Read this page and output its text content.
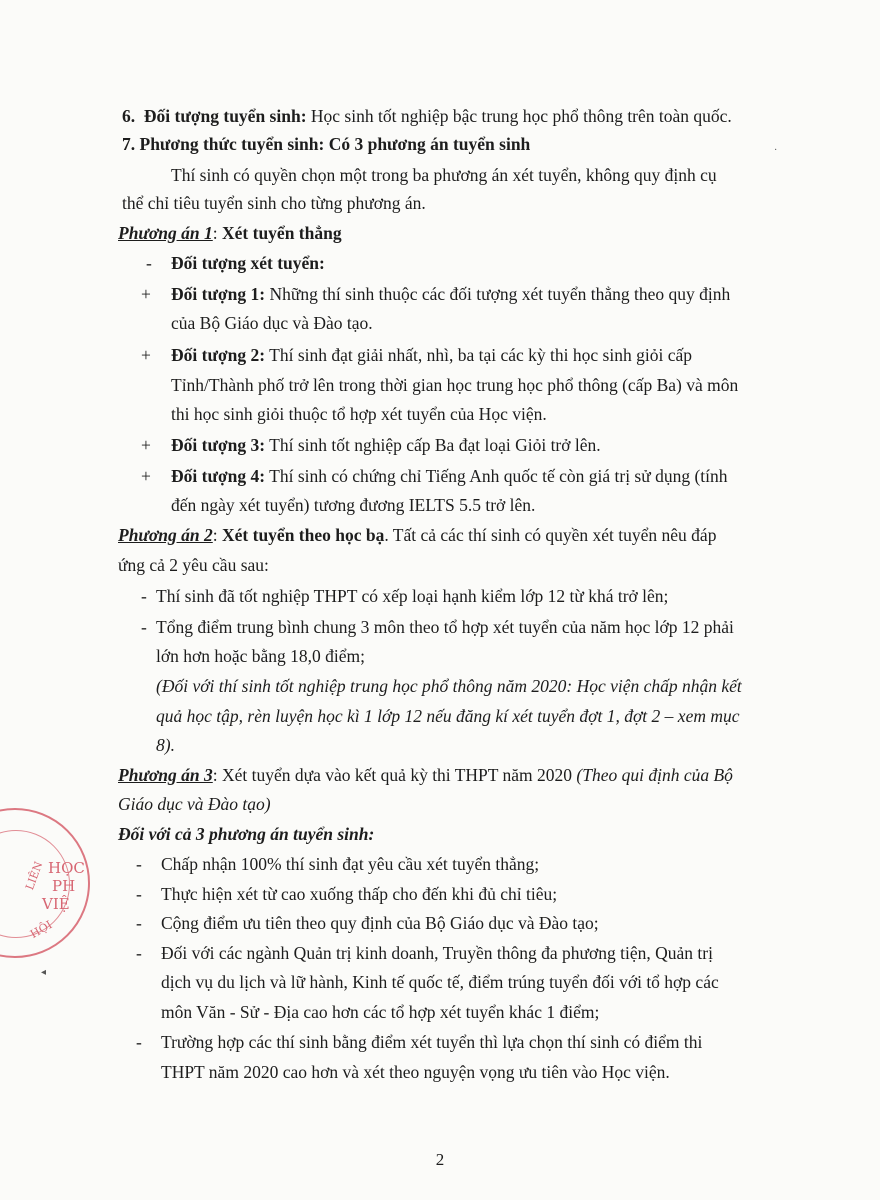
6. Đối tượng tuyển sinh: Học sinh tốt nghiệp bậc trung học phổ thông trên toàn quốc.
7. Phương thức tuyển sinh: Có 3 phương án tuyển sinh
Thí sinh có quyền chọn một trong ba phương án xét tuyển, không quy định cụ
thể chỉ tiêu tuyển sinh cho từng phương án.
Phương án 1: Xét tuyển thẳng
- Đối tượng xét tuyển:
+ Đối tượng 1: Những thí sinh thuộc các đối tượng xét tuyển thẳng theo quy định
của Bộ Giáo dục và Đào tạo.
+ Đối tượng 2: Thí sinh đạt giải nhất, nhì, ba tại các kỳ thi học sinh giỏi cấp
Tỉnh/Thành phố trở lên trong thời gian học trung học phổ thông (cấp Ba) và môn
thi học sinh giỏi thuộc tổ hợp xét tuyển của Học viện.
+ Đối tượng 3: Thí sinh tốt nghiệp cấp Ba đạt loại Giỏi trở lên.
+ Đối tượng 4: Thí sinh có chứng chỉ Tiếng Anh quốc tế còn giá trị sử dụng (tính
đến ngày xét tuyển) tương đương IELTS 5.5 trở lên.
Phương án 2: Xét tuyển theo học bạ. Tất cả các thí sinh có quyền xét tuyển nêu đáp
ứng cả 2 yêu cầu sau:
- Thí sinh đã tốt nghiệp THPT có xếp loại hạnh kiểm lớp 12 từ khá trở lên;
- Tổng điểm trung bình chung 3 môn theo tổ hợp xét tuyển của năm học lớp 12 phải
lớn hơn hoặc bằng 18,0 điểm;
(Đối với thí sinh tốt nghiệp trung học phổ thông năm 2020: Học viện chấp nhận kết
quả học tập, rèn luyện học kì 1 lớp 12 nếu đăng kí xét tuyển đợt 1, đợt 2 – xem mục
8).
Phương án 3: Xét tuyển dựa vào kết quả kỳ thi THPT năm 2020 (Theo qui định của Bộ
Giáo dục và Đào tạo)
Đối với cả 3 phương án tuyển sinh:
- Chấp nhận 100% thí sinh đạt yêu cầu xét tuyển thẳng;
- Thực hiện xét từ cao xuống thấp cho đến khi đủ chỉ tiêu;
- Cộng điểm ưu tiên theo quy định của Bộ Giáo dục và Đào tạo;
- Đối với các ngành Quản trị kinh doanh, Truyền thông đa phương tiện, Quản trị
dịch vụ du lịch và lữ hành, Kinh tế quốc tế, điểm trúng tuyển đối với tổ hợp các
môn Văn - Sử - Địa cao hơn các tổ hợp xét tuyển khác 1 điểm;
- Trường hợp các thí sinh bằng điểm xét tuyển thì lựa chọn thí sinh có điểm thi
THPT năm 2020 cao hơn và xét theo nguyện vọng ưu tiên vào Học viện.
2
HỌC
PH
VIỆ
LIÊN
HỘI
◂
·
